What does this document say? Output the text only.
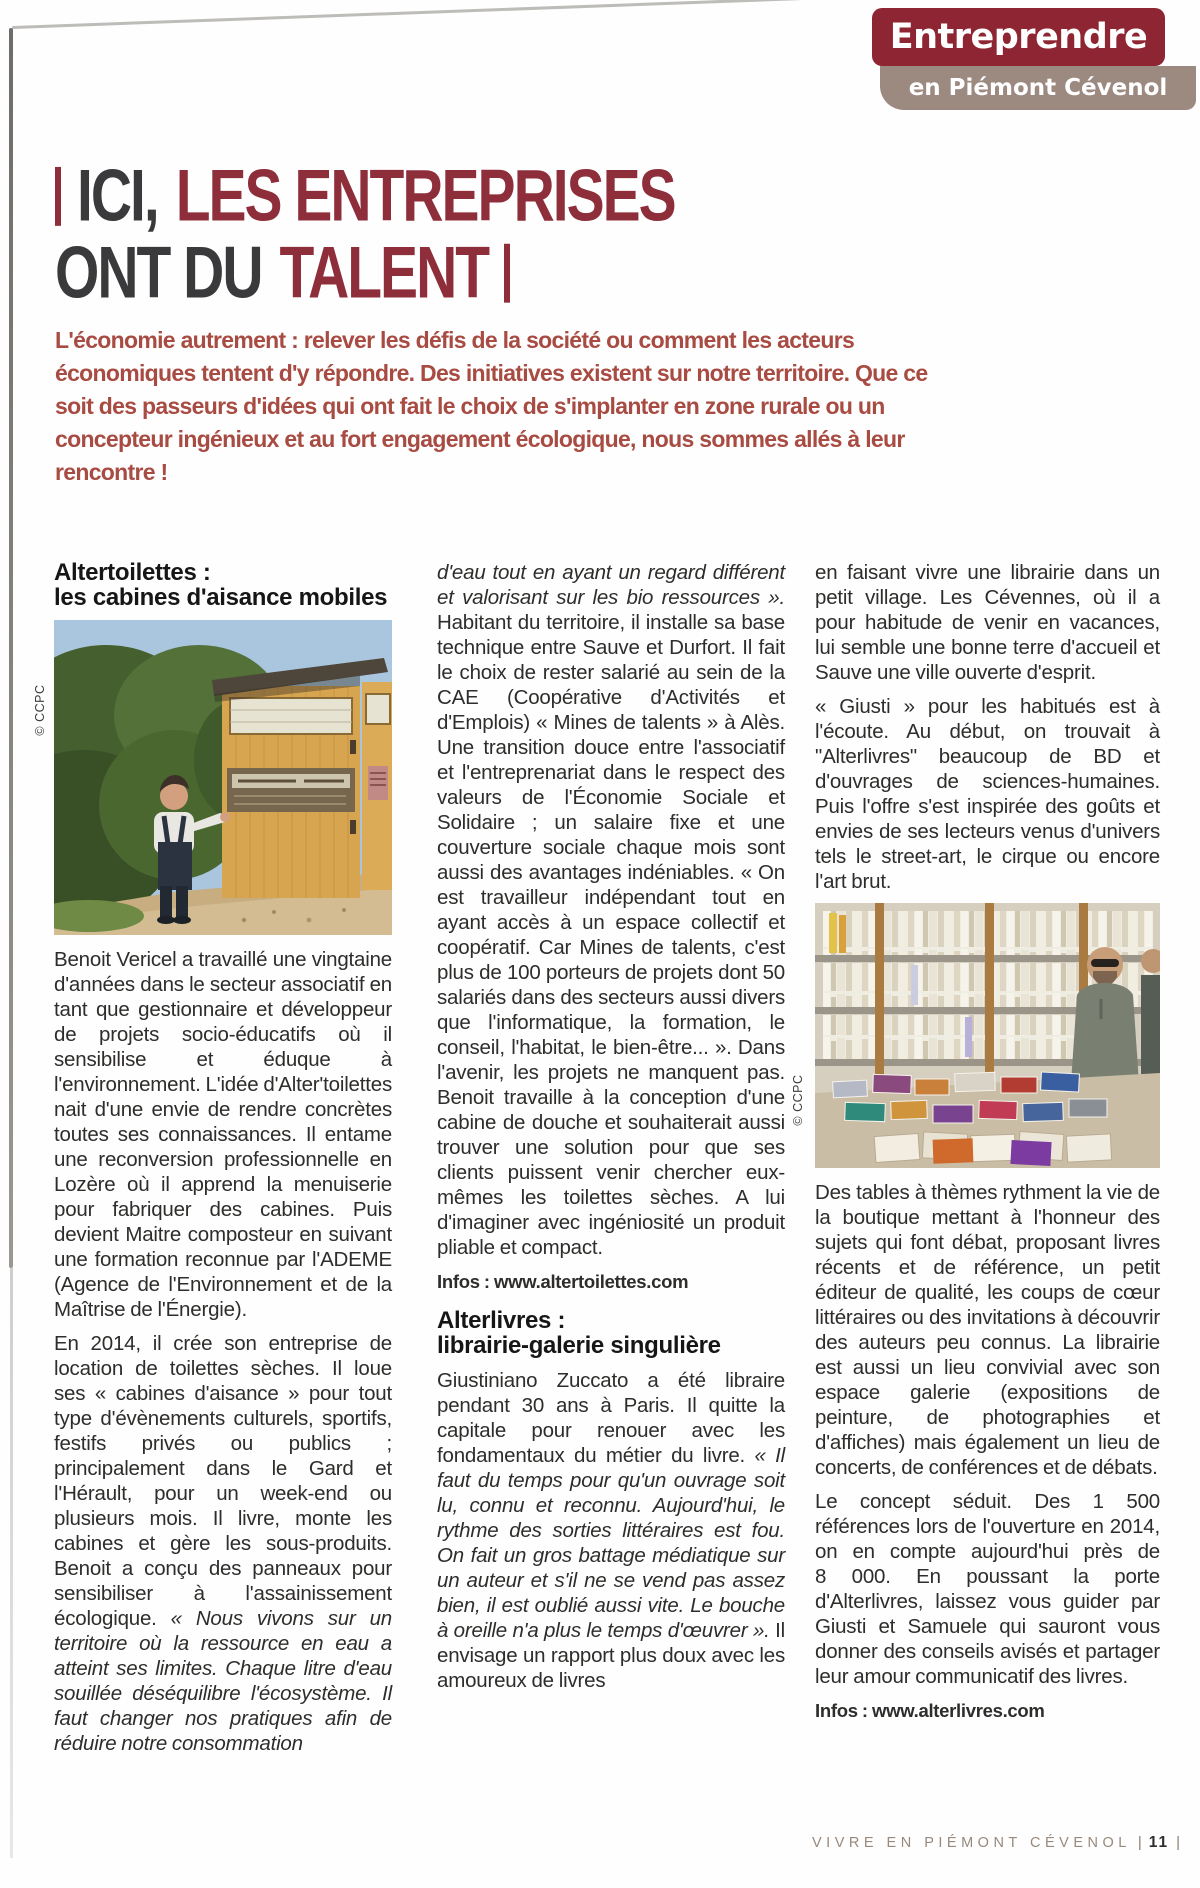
Entreprendre
en Piémont Cévenol
ICI, LES ENTREPRISES
ONT DU TALENT

L'économie autrement : relever les défis de la société ou comment les acteurs économiques tentent d'y répondre. Des initiatives existent sur notre territoire. Que ce soit des passeurs d'idées qui ont fait le choix de s'implanter en zone rurale ou un concepteur ingénieux et au fort engagement écologique, nous sommes allés à leur rencontre !

Altertoilettes :
les cabines d'aisance mobiles
© CCPC

Benoit Vericel a travaillé une vingtaine d'années dans le secteur associatif en tant que gestionnaire et développeur de projets socio-éducatifs où il sensibilise et éduque à l'environnement. L'idée d'Alter'toilettes nait d'une envie de rendre concrètes toutes ses connaissances. Il entame une reconversion professionnelle en Lozère où il apprend la menuiserie pour fabriquer des cabines. Puis devient Maitre composteur en suivant une formation reconnue par l'ADEME (Agence de l'Environnement et de la Maîtrise de l'Énergie).

En 2014, il crée son entreprise de location de toilettes sèches. Il loue ses « cabines d'aisance » pour tout type d'évènements culturels, sportifs, festifs privés ou publics ; principalement dans le Gard et l'Hérault, pour un week-end ou plusieurs mois. Il livre, monte les cabines et gère les sous-produits. Benoit a conçu des panneaux pour sensibiliser à l'assainissement écologique. « Nous vivons sur un territoire où la ressource en eau a atteint ses limites. Chaque litre d'eau souillée déséquilibre l'écosystème. Il faut changer nos pratiques afin de réduire notre consommation

d'eau tout en ayant un regard différent et valorisant sur les bio ressources ». Habitant du territoire, il installe sa base technique entre Sauve et Durfort. Il fait le choix de rester salarié au sein de la CAE (Coopérative d'Activités et d'Emplois) « Mines de talents » à Alès. Une transition douce entre l'associatif et l'entreprenariat dans le respect des valeurs de l'Économie Sociale et Solidaire ; un salaire fixe et une couverture sociale chaque mois sont aussi des avantages indéniables. « On est travailleur indépendant tout en ayant accès à un espace collectif et coopératif. Car Mines de talents, c'est plus de 100 porteurs de projets dont 50 salariés dans des secteurs aussi divers que l'informatique, la formation, le conseil, l'habitat, le bien-être... ». Dans l'avenir, les projets ne manquent pas. Benoit travaille à la conception d'une cabine de douche et souhaiterait aussi trouver une solution pour que ses clients puissent venir chercher eux-mêmes les toilettes sèches. A lui d'imaginer avec ingéniosité un produit pliable et compact.

Infos : www.altertoilettes.com

Alterlivres :
librairie-galerie singulière

Giustiniano Zuccato a été libraire pendant 30 ans à Paris. Il quitte la capitale pour renouer avec les fondamentaux du métier du livre. « Il faut du temps pour qu'un ouvrage soit lu, connu et reconnu. Aujourd'hui, le rythme des sorties littéraires est fou. On fait un gros battage médiatique sur un auteur et s'il ne se vend pas assez bien, il est oublié aussi vite. Le bouche à oreille n'a plus le temps d'œuvrer ». Il envisage un rapport plus doux avec les amoureux de livres

en faisant vivre une librairie dans un petit village. Les Cévennes, où il a pour habitude de venir en vacances, lui semble une bonne terre d'accueil et Sauve une ville ouverte d'esprit.

« Giusti » pour les habitués est à l'écoute. Au début, on trouvait à "Alterlivres" beaucoup de BD et d'ouvrages de sciences-humaines. Puis l'offre s'est inspirée des goûts et envies de ses lecteurs venus d'univers tels le street-art, le cirque ou encore l'art brut.

© CCPC

Des tables à thèmes rythment la vie de la boutique mettant à l'honneur des sujets qui font débat, proposant livres récents et de référence, un petit éditeur de qualité, les coups de cœur littéraires ou des invitations à découvrir des auteurs peu connus. La librairie est aussi un lieu convivial avec son espace galerie (expositions de peinture, de photographies et d'affiches) mais également un lieu de concerts, de conférences et de débats.

Le concept séduit. Des 1 500 références lors de l'ouverture en 2014, on en compte aujourd'hui près de 8 000. En poussant la porte d'Alterlivres, laissez vous guider par Giusti et Samuele qui sauront vous donner des conseils avisés et partager leur amour communicatif des livres.

Infos : www.alterlivres.com

VIVRE EN PIÉMONT CÉVENOL | 11 |
